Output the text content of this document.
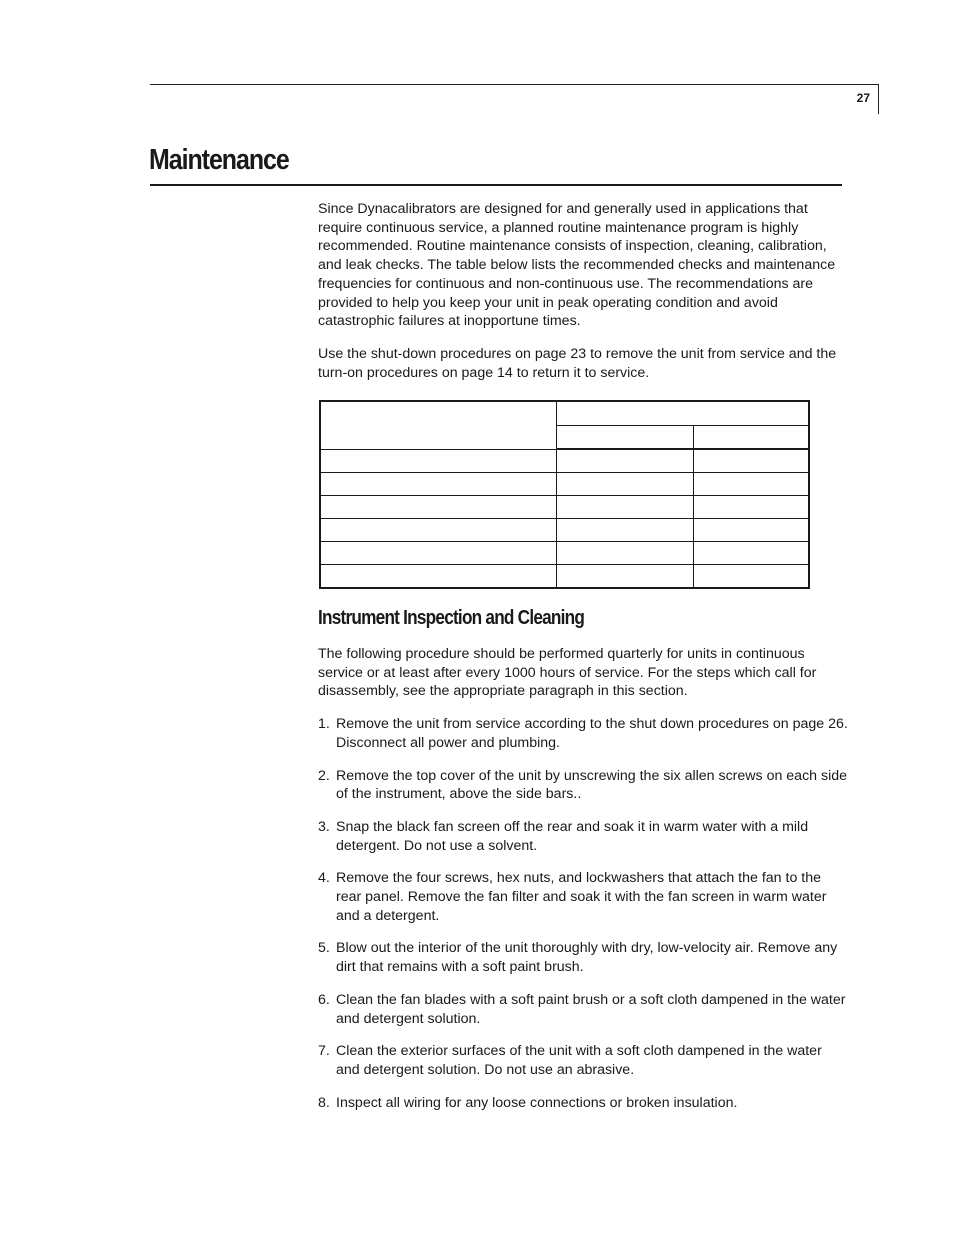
27
Maintenance

Since Dynacalibrators are designed for and generally used in applications that require continuous service, a planned routine maintenance program is highly recommended. Routine maintenance consists of inspection, cleaning, calibration, and leak checks. The table below lists the recommended checks and maintenance frequencies for continuous and non-continuous use. The recommendations are provided to help you keep your unit in peak operating condition and avoid catastrophic failures at inopportune times.

Use the shut-down procedures on page 23 to remove the unit from service and the turn-on procedures on page 14 to return it to service.

Instrument Inspection and Cleaning

The following procedure should be performed quarterly for units in continuous service or at least after every 1000 hours of service. For the steps which call for disassembly, see the appropriate paragraph in this section.

1. Remove the unit from service according to the shut down procedures on page 26. Disconnect all power and plumbing.
2. Remove the top cover of the unit by unscrewing the six allen screws on each side of the instrument, above the side bars..
3. Snap the black fan screen off the rear and soak it in warm water with a mild detergent. Do not use a solvent.
4. Remove the four screws, hex nuts, and lockwashers that attach the fan to the rear panel. Remove the fan filter and soak it with the fan screen in warm water and a detergent.
5. Blow out the interior of the unit thoroughly with dry, low-velocity air. Remove any dirt that remains with a soft paint brush.
6. Clean the fan blades with a soft paint brush or a soft cloth dampened in the water and detergent solution.
7. Clean the exterior surfaces of the unit with a soft cloth dampened in the water and detergent solution. Do not use an abrasive.
8. Inspect all wiring for any loose connections or broken insulation.
